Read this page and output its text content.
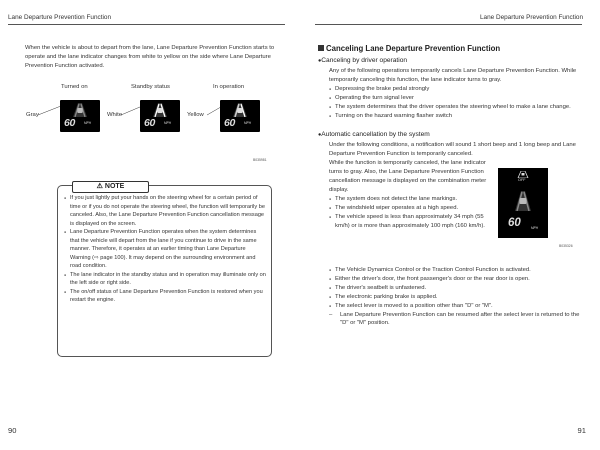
Lane Departure Prevention Function	Lane Departure Prevention Function
When the vehicle is about to depart from the lane, Lane Departure Prevention Function starts to operate and the lane indicator changes from white to yellow on the side where Lane Departure Prevention Function activated.
Turned on	Standby status	In operation
Gray	White	Yellow
60	MPH	60	MPH	60	MPH
B035981
⚠ NOTE
● If you just lightly put your hands on the steering wheel for a certain period of time or if you do not operate the steering wheel, the function will temporarily be canceled. Also, the Lane Departure Prevention Function cancellation message is displayed on the screen.
● Lane Departure Prevention Function operates when the system determines that the vehicle will depart from the lane if you continue to drive in the same manner. Therefore, it operates at an earlier timing than Lane Departure Warning (⇨ page 100). It may depend on the surrounding environment and road condition.
● The lane indicator in the standby status and in operation may illuminate only on the left side or right side.
● The on/off status of Lane Departure Prevention Function is restored when you restart the engine.
90
Canceling Lane Departure Prevention Function
●Canceling by driver operation
Any of the following operations temporarily cancels Lane Departure Prevention Function. While temporarily canceling this function, the lane indicator turns to gray.
● Depressing the brake pedal strongly
● Operating the turn signal lever
● The system determines that the driver operates the steering wheel to make a lane change.
● Turning on the hazard warning flasher switch
●Automatic cancellation by the system
Under the following conditions, a notification will sound 1 short beep and 1 long beep and Lane Departure Prevention Function is temporarily canceled.
While the function is temporarily canceled, the lane indicator turns to gray. Also, the Lane Departure Prevention Function cancellation message is displayed on the combination meter display.
● The system does not detect the lane markings.
● The windshield wiper operates at a high speed.
● The vehicle speed is less than approximately 34 mph (55 km/h) or is more than approximately 100 mph (160 km/h).
● The Vehicle Dynamics Control or the Traction Control Function is activated.
● Either the driver's door, the front passenger's door or the rear door is open.
● The driver's seatbelt is unfastened.
● The electronic parking brake is applied.
● The select lever is moved to a position other than "D" or "M".
–	Lane Departure Prevention Function can be resumed after the select lever is returned to the "D" or "M" position.
OFF
60	MPH
B035326
91
